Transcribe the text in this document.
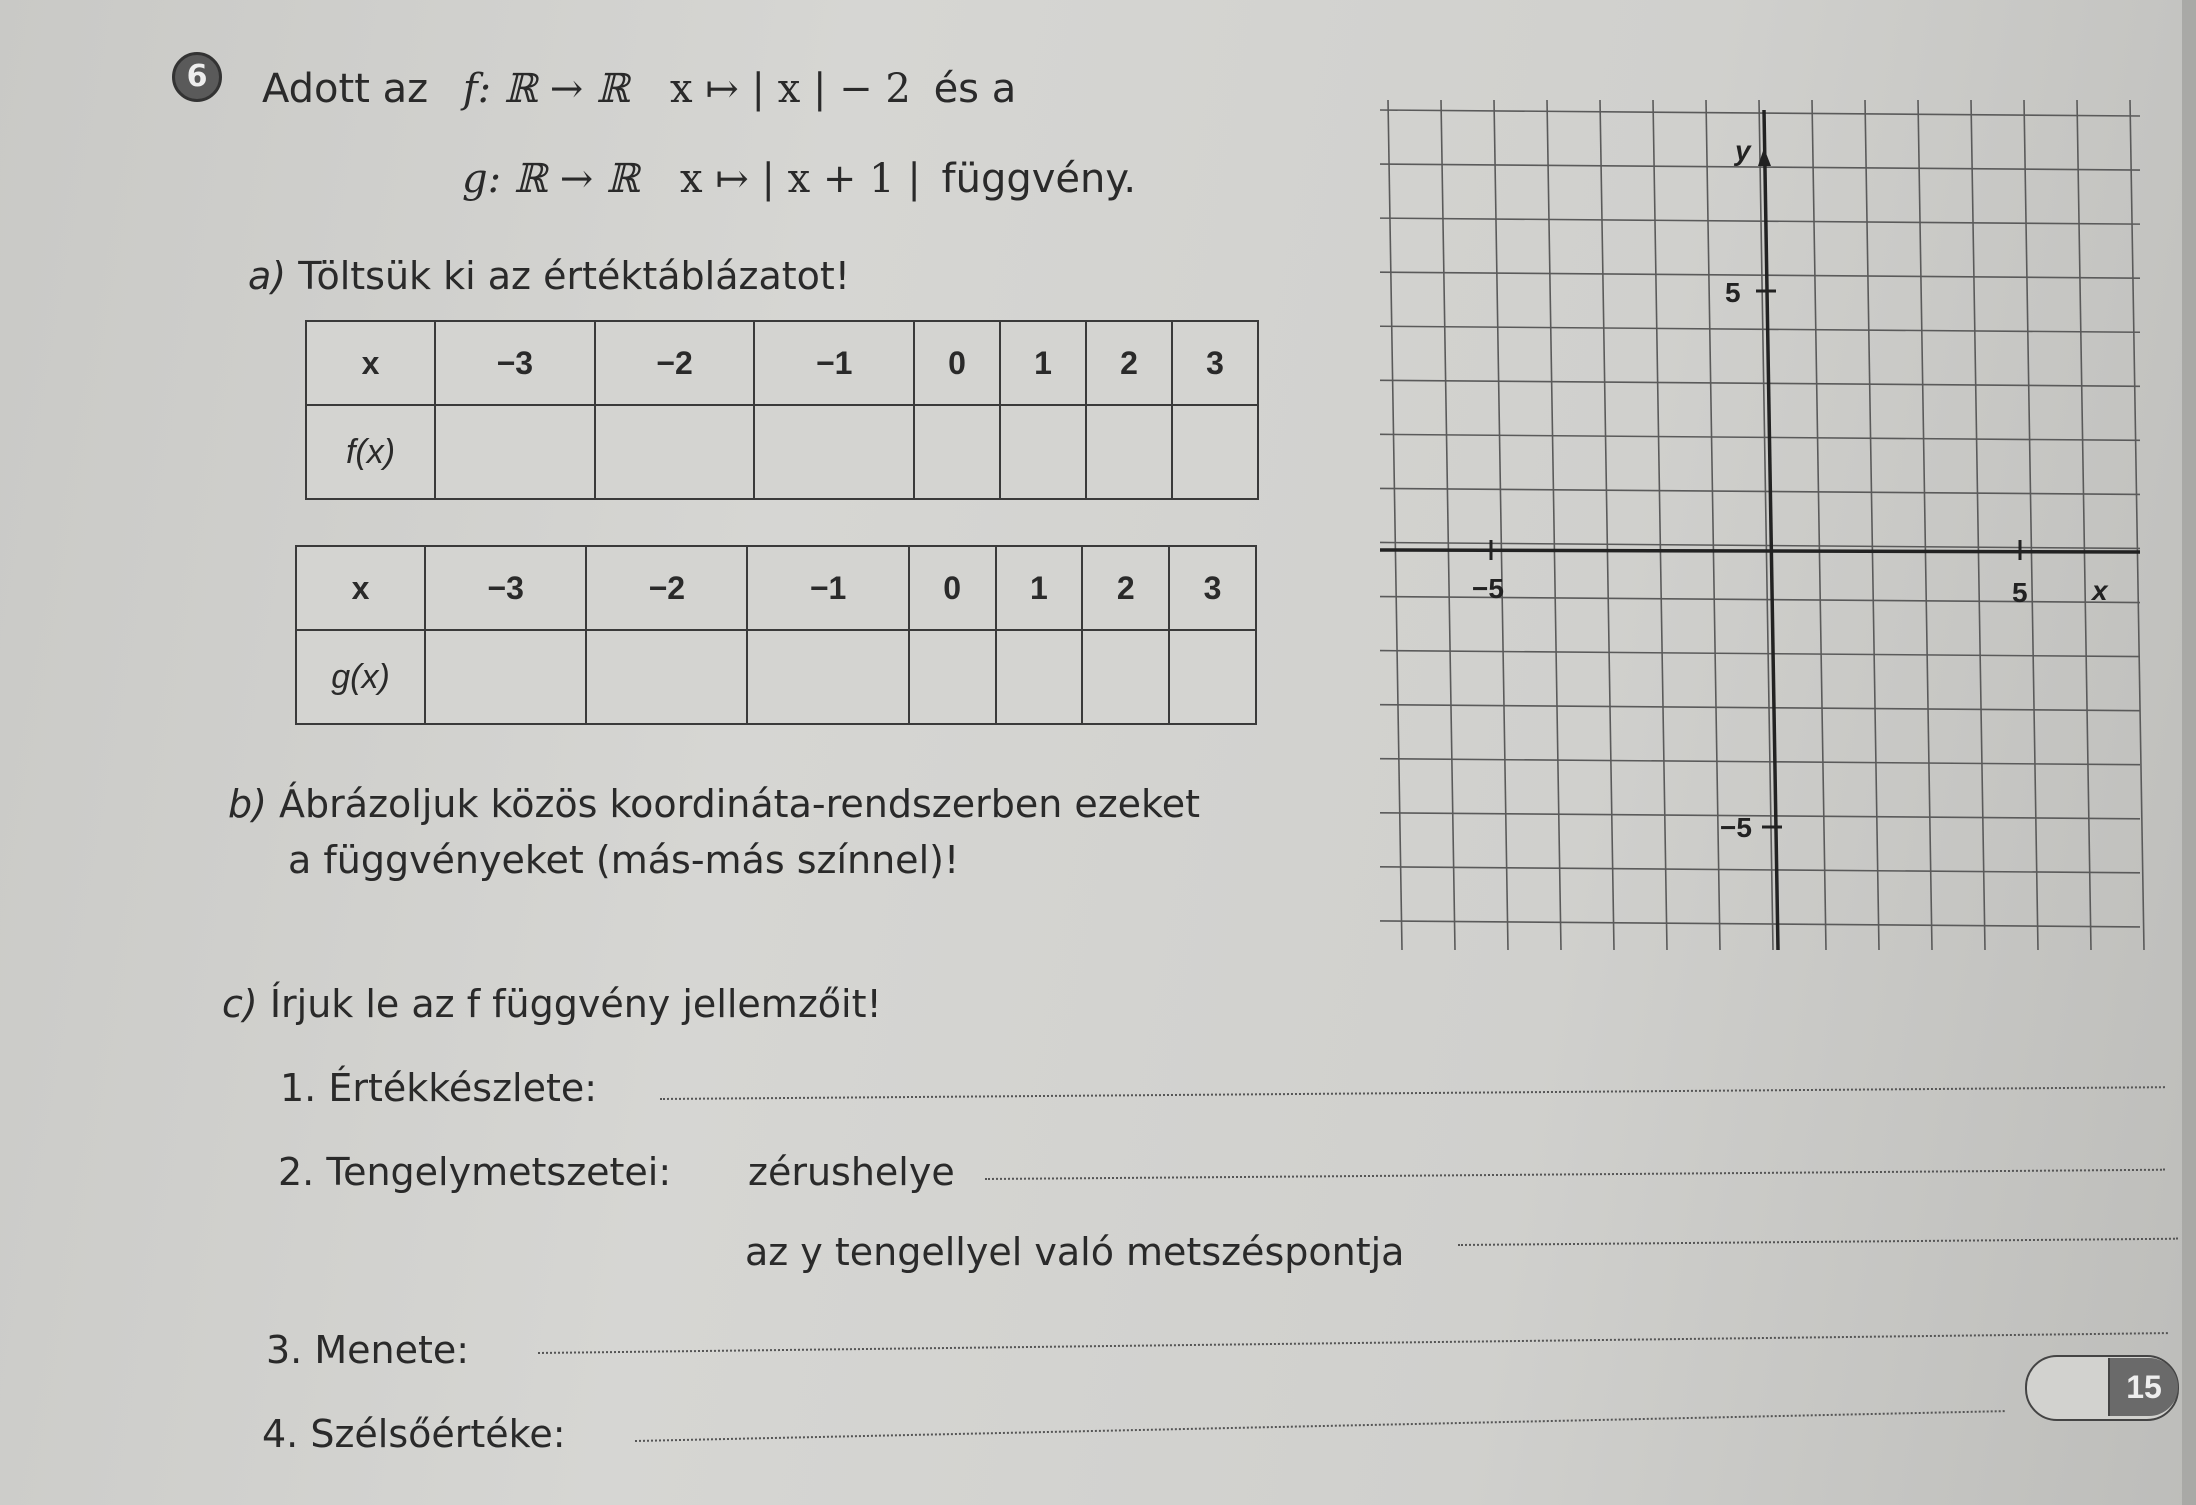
6	Adott az f: ℝ → ℝ x ↦ | x | − 2 és a
g: ℝ → ℝ x ↦ | x + 1 | függvény.
a) Töltsük ki az értéktáblázatot!
x	−3	−2	−1	0	1	2	3
f(x)							
x	−3	−2	−1	0	1	2	3
g(x)							
b) Ábrázoljuk közös koordináta-rendszerben ezeket
a függvényeket (más-más színnel)!
y
x
−5	5
5
−5
c) Írjuk le az f függvény jellemzőit!
1. Értékkészlete:
2. Tengelymetszetei: zérushelye
az y tengellyel való metszéspontja
3. Menete:
4. Szélsőértéke:
15
